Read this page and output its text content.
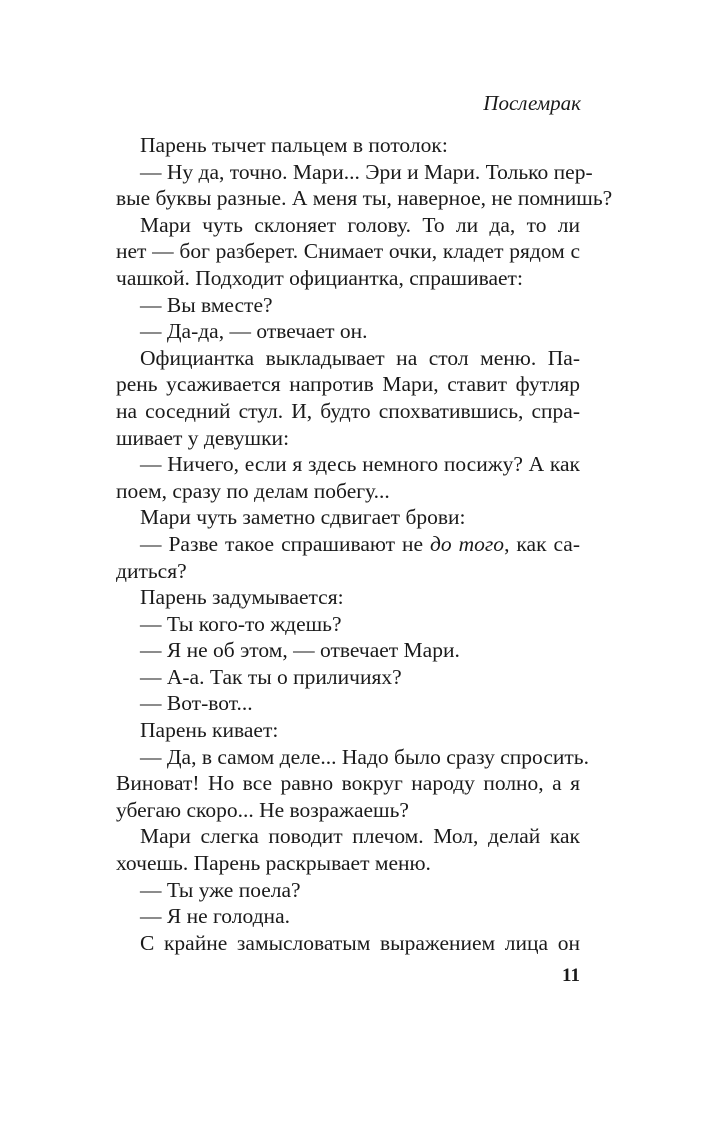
Послемрак
Парень тычет пальцем в потолок:
— Ну да, точно. Мари... Эри и Мари. Только пер-
вые буквы разные. А меня ты, наверное, не помнишь?
Мари чуть склоняет голову. То ли да, то ли
нет — бог разберет. Снимает очки, кладет рядом с
чашкой. Подходит официантка, спрашивает:
— Вы вместе?
— Да-да, — отвечает он.
Официантка выкладывает на стол меню. Па-
рень усаживается напротив Мари, ставит футляр
на соседний стул. И, будто спохватившись, спра-
шивает у девушки:
— Ничего, если я здесь немного посижу? А как
поем, сразу по делам побегу...
Мари чуть заметно сдвигает брови:
— Разве такое спрашивают не до того, как са-
диться?
Парень задумывается:
— Ты кого-то ждешь?
— Я не об этом, — отвечает Мари.
— А-а. Так ты о приличиях?
— Вот-вот...
Парень кивает:
— Да, в самом деле... Надо было сразу спросить.
Виноват! Но все равно вокруг народу полно, а я
убегаю скоро... Не возражаешь?
Мари слегка поводит плечом. Мол, делай как
хочешь. Парень раскрывает меню.
— Ты уже поела?
— Я не голодна.
С крайне замысловатым выражением лица он
11
